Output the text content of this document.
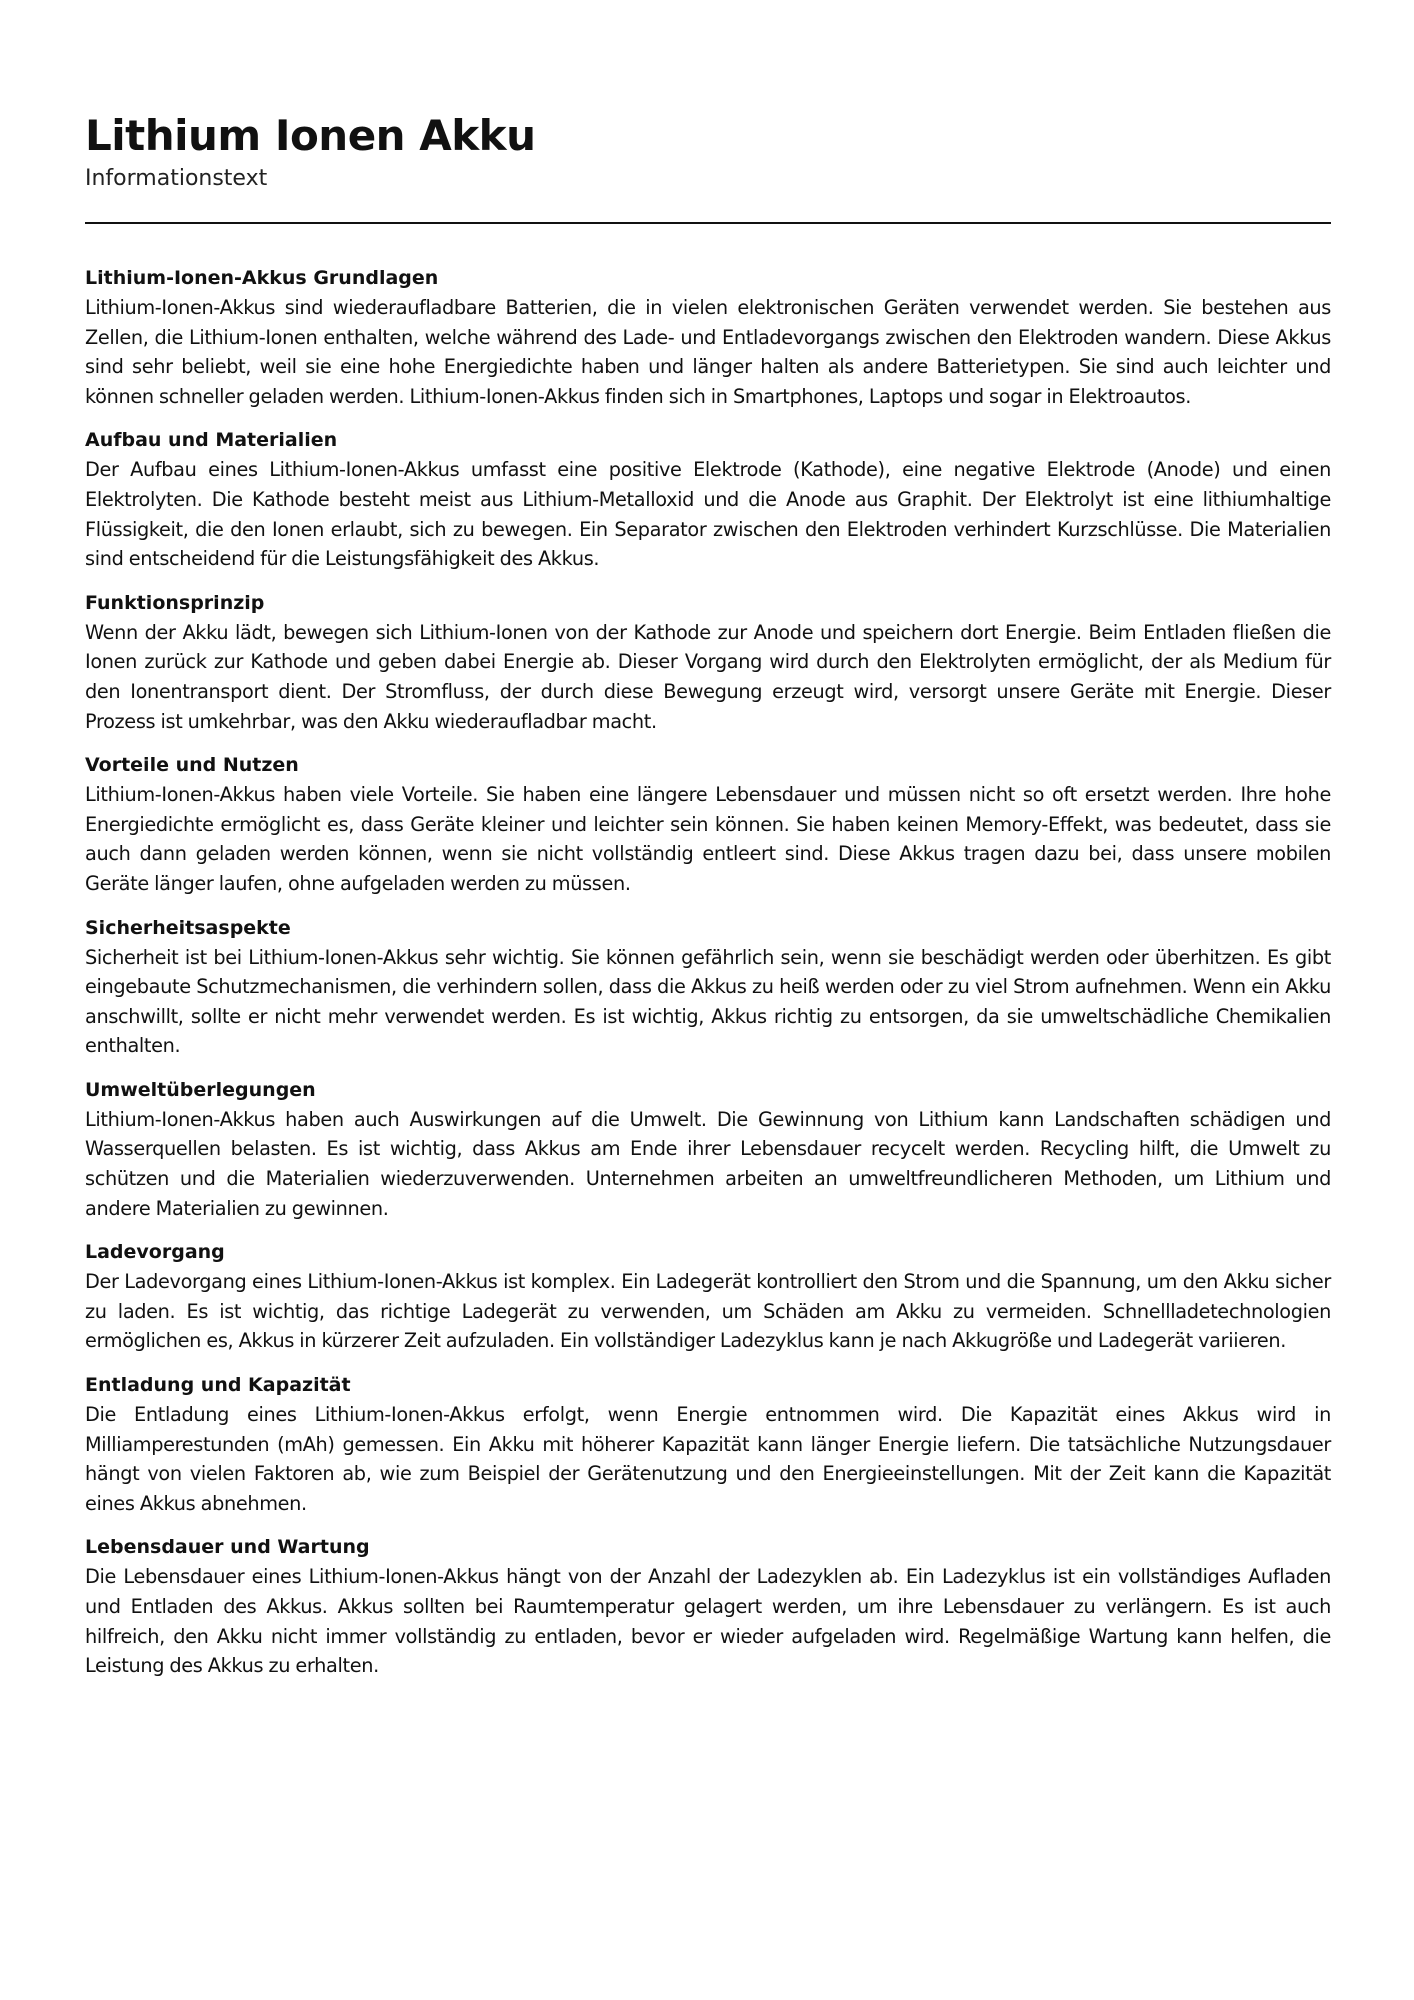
Lithium Ionen Akku
Informationstext
Lithium-Ionen-Akkus Grundlagen

Lithium-Ionen-Akkus sind wiederaufladbare Batterien, die in vielen elektronischen Geräten verwendet werden. Sie bestehen aus Zellen, die Lithium-Ionen enthalten, welche während des Lade- und Entladevorgangs zwischen den Elektroden wandern. Diese Akkus sind sehr beliebt, weil sie eine hohe Energiedichte haben und länger halten als andere Batterietypen. Sie sind auch leichter und können schneller geladen werden. Lithium-Ionen-Akkus finden sich in Smartphones, Laptops und sogar in Elektroautos.

Aufbau und Materialien

Der Aufbau eines Lithium-Ionen-Akkus umfasst eine positive Elektrode (Kathode), eine negative Elektrode (Anode) und einen Elektrolyten. Die Kathode besteht meist aus Lithium-Metalloxid und die Anode aus Graphit. Der Elektrolyt ist eine lithiumhaltige Flüssigkeit, die den Ionen erlaubt, sich zu bewegen. Ein Separator zwischen den Elektroden verhindert Kurzschlüsse. Die Materialien sind entscheidend für die Leistungsfähigkeit des Akkus.

Funktionsprinzip

Wenn der Akku lädt, bewegen sich Lithium-Ionen von der Kathode zur Anode und speichern dort Energie. Beim Entladen fließen die Ionen zurück zur Kathode und geben dabei Energie ab. Dieser Vorgang wird durch den Elektrolyten ermöglicht, der als Medium für den Ionentransport dient. Der Stromfluss, der durch diese Bewegung erzeugt wird, versorgt unsere Geräte mit Energie. Dieser Prozess ist umkehrbar, was den Akku wiederaufladbar macht.

Vorteile und Nutzen

Lithium-Ionen-Akkus haben viele Vorteile. Sie haben eine längere Lebensdauer und müssen nicht so oft ersetzt werden. Ihre hohe Energiedichte ermöglicht es, dass Geräte kleiner und leichter sein können. Sie haben keinen Memory-Effekt, was bedeutet, dass sie auch dann geladen werden können, wenn sie nicht vollständig entleert sind. Diese Akkus tragen dazu bei, dass unsere mobilen Geräte länger laufen, ohne aufgeladen werden zu müssen.

Sicherheitsaspekte

Sicherheit ist bei Lithium-Ionen-Akkus sehr wichtig. Sie können gefährlich sein, wenn sie beschädigt werden oder überhitzen. Es gibt eingebaute Schutzmechanismen, die verhindern sollen, dass die Akkus zu heiß werden oder zu viel Strom aufnehmen. Wenn ein Akku anschwillt, sollte er nicht mehr verwendet werden. Es ist wichtig, Akkus richtig zu entsorgen, da sie umweltschädliche Chemikalien enthalten.

Umweltüberlegungen

Lithium-Ionen-Akkus haben auch Auswirkungen auf die Umwelt. Die Gewinnung von Lithium kann Landschaften schädigen und Wasserquellen belasten. Es ist wichtig, dass Akkus am Ende ihrer Lebensdauer recycelt werden. Recycling hilft, die Umwelt zu schützen und die Materialien wiederzuverwenden. Unternehmen arbeiten an umweltfreundlicheren Methoden, um Lithium und andere Materialien zu gewinnen.

Ladevorgang

Der Ladevorgang eines Lithium-Ionen-Akkus ist komplex. Ein Ladegerät kontrolliert den Strom und die Spannung, um den Akku sicher zu laden. Es ist wichtig, das richtige Ladegerät zu verwenden, um Schäden am Akku zu vermeiden. Schnellladetechnologien ermöglichen es, Akkus in kürzerer Zeit aufzuladen. Ein vollständiger Ladezyklus kann je nach Akkugröße und Ladegerät variieren.

Entladung und Kapazität

Die Entladung eines Lithium-Ionen-Akkus erfolgt, wenn Energie entnommen wird. Die Kapazität eines Akkus wird in Milliamperestunden (mAh) gemessen. Ein Akku mit höherer Kapazität kann länger Energie liefern. Die tatsächliche Nutzungsdauer hängt von vielen Faktoren ab, wie zum Beispiel der Gerätenutzung und den Energieeinstellungen. Mit der Zeit kann die Kapazität eines Akkus abnehmen.

Lebensdauer und Wartung

Die Lebensdauer eines Lithium-Ionen-Akkus hängt von der Anzahl der Ladezyklen ab. Ein Ladezyklus ist ein vollständiges Aufladen und Entladen des Akkus. Akkus sollten bei Raumtemperatur gelagert werden, um ihre Lebensdauer zu verlängern. Es ist auch hilfreich, den Akku nicht immer vollständig zu entladen, bevor er wieder aufgeladen wird. Regelmäßige Wartung kann helfen, die Leistung des Akkus zu erhalten.
